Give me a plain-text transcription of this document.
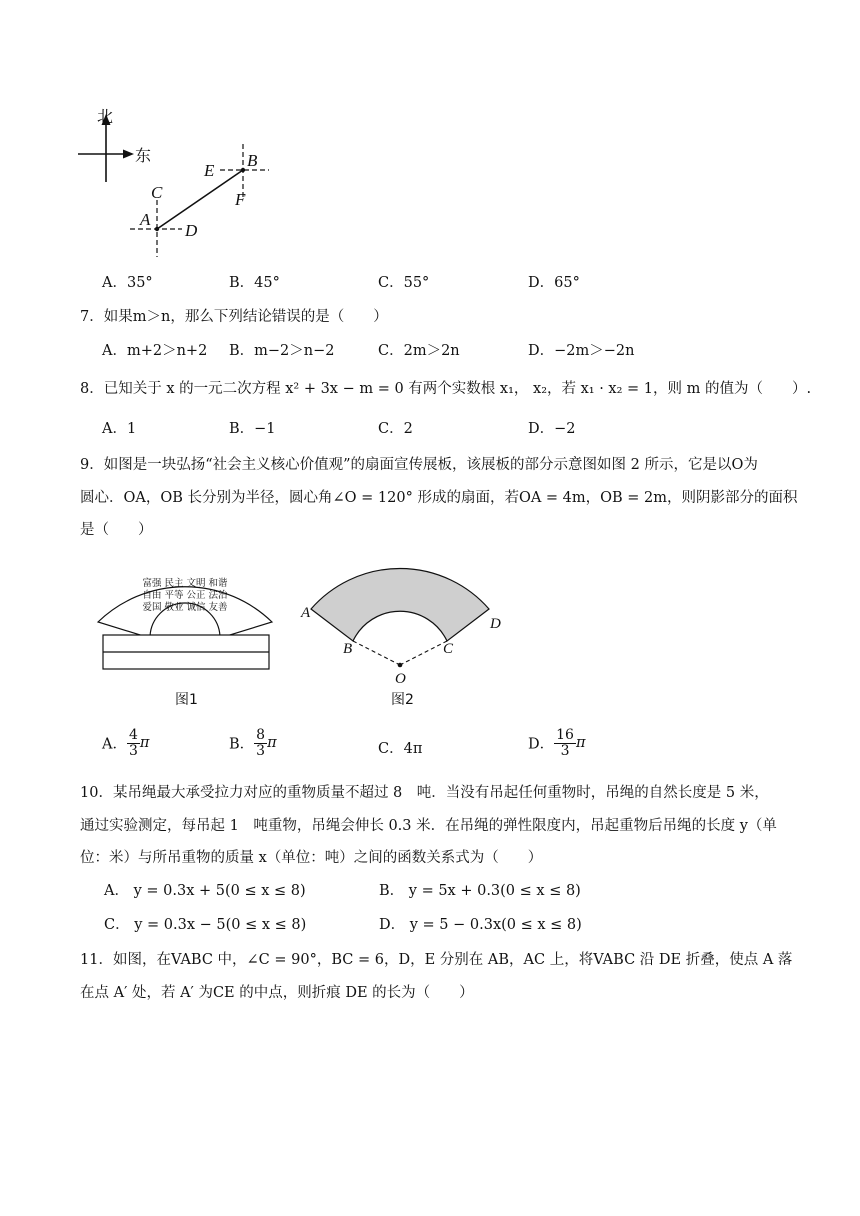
北
东	B
E
F
C
A
D
A．35°	B．45°	C．55°	D．65°
7．如果m＞n，那么下列结论错误的是（　　）
A．m+2＞n+2 B．m−2＞n−2	C．2m＞2n	D．−2m＞−2n
8．已知关于 x 的一元二次方程 x² + 3x − m = 0 有两个实数根 x₁， x₂，若 x₁ · x₂ = 1，则 m 的值为（　　）.
A．1	B．−1	C．2	D．−2
9．如图是一块弘扬“社会主义核心价值观”的扇面宣传展板，该展板的部分示意图如图 2 所示，它是以O为
圆心．OA，OB 长分别为半径，圆心角∠O = 120° 形成的扇面，若OA = 4m，OB = 2m，则阴影部分的面积
是（　　）
富强 民主 文明 和谐
自由 平等 公正 法治
爱国 敬业 诚信 友善
图1
A
B	C
D
O
图2
A． $\frac{4}{3}$ π	B． $\frac{8}{3}$ π	C．4π	D． $\frac{16}{3}$ π
10．某吊绳最大承受拉力对应的重物质量不超过 8　吨．当没有吊起任何重物时，吊绳的自然长度是 5 米，
通过实验测定，每吊起 1　吨重物，吊绳会伸长 0.3 米．在吊绳的弹性限度内，吊起重物后吊绳的长度 y（单
位：米）与所吊重物的质量 x（单位：吨）之间的函数关系式为（　　）
A． y = 0.3x + 5(0 ≤ x ≤ 8)	B． y = 5x + 0.3(0 ≤ x ≤ 8)
C． y = 0.3x − 5(0 ≤ x ≤ 8)	D． y = 5 − 0.3x(0 ≤ x ≤ 8)
11．如图，在VABC 中，∠C = 90°，BC = 6，D，E 分别在 AB，AC 上，将VABC 沿 DE 折叠，使点 A 落
在点 A′ 处，若 A′ 为CE 的中点，则折痕 DE 的长为（　　）
